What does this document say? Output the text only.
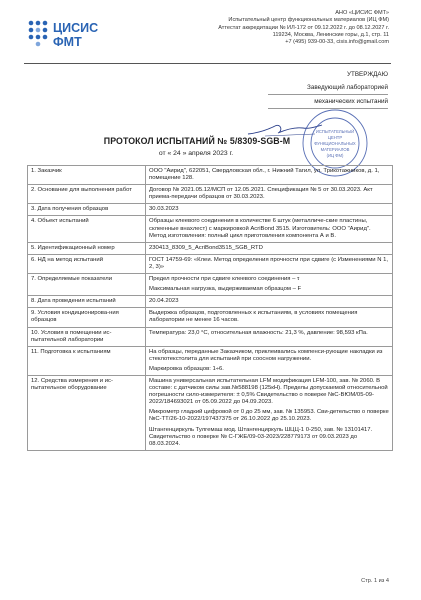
ЦИСИС
ФМТ
АНО «ЦИСИС ФМТ»
Испытательный центр функциональных материалов (ИЦ ФМ)
Аттестат аккредитации № ИЛ-172 от 09.12.2022 г. до 08.12.2027 г.
119234, Москва, Ленинские горы, д.1, стр. 11
+7 (495) 939-00-33, cisis.info@gmail.com
УТВЕРЖДАЮ
Заведующий лабораторией
механических испытаний
ИСПЫТАТЕЛЬНЫЙ
ЦЕНТР
ФУНКЦИОНАЛЬНЫХ
МАТЕРИАЛОВ
(ИЦ ФМ)
ПРОТОКОЛ ИСПЫТАНИЙ № 5/8309-SGB-M
от « 24 » апреля 2023 г.
1. Заказчик	ООО "Аирид", 622051, Свердловская обл., г. Нижний Тагил, ул. Трикотажников, д. 1, помещение 128.

2. Основание для выполнения работ	Договор № 2021.05.12/МСП от 12.05.2021. Спецификация № 5 от 30.03.2023. Акт приема-передачи образцов от 30.03.2023.

3. Дата получения образцов	30.03.2023

4. Объект испытаний	Образцы клеевого соединения в количестве 6 штук (металличе-ские пластины, склеенные внахлест) с маркировкой AcriBond 3515. Изготовитель: ООО "Аирид". Метод изготовления: полный цикл приготовления компонента А и В.

5. Идентификационный номер	230413_8309_5_AcriBond3515_SGB_RTD

6. НД на метод испытаний	ГОСТ 14759-69: «Клеи. Метод определения прочности при сдвиге (с Изменениями N 1, 2, 3)»

7. Определяемые показатели	Предел прочности при сдвиге клеевого соединения – τ

Максимальная нагрузка, выдерживаемая образцом – F

8. Дата проведения испытаний	20.04.2023

9. Условия кондиционирова-ния образцов	Выдержка образцов, подготовленных к испытаниям, в условиях помещения лаборатории не менее 16 часов.

10. Условия в помещении ис-пытательной лаборатории	Температура: 23,0 °С, относительная влажность: 21,3 %, давление: 98,593 кПа.

11. Подготовка к испытаниям	На образцы, переданные Заказчиком, приклеивались компенси-рующие накладки из стеклотекстолита для испытаний при соосном нагружении.

Маркировка образцов: 1÷6.

12. Средства измерения и ис-пытательное оборудование	Машина универсальная испытательная LFM модификация LFM-100, зав. № 2060. В составе: с датчиком силы зав.№588198 (125кН). Пределы допускаемой относительной погрешности сило-измерителя: ± 0,5% Свидетельство о поверке №С-ВЮМ/05-09-2022/184693021 от 05.09.2022 до 04.09.2023.

Микрометр гладкий цифровой от 0 до 25 мм, зав. № 135953. Сви-детельство о поверке №С-ТТ/26-10-2022/197437375 от 26.10.2022 до 25.10.2023.

Штангенциркуль Тулгемаш мод. Штангенциркуль ШЦЦ-1 0-250, зав. № 13101417. Свидетельство о поверке № С-ГЖЕ/09-03-2023/228779173 от 09.03.2023 до 08.03.2024.

Стр. 1 из 4
